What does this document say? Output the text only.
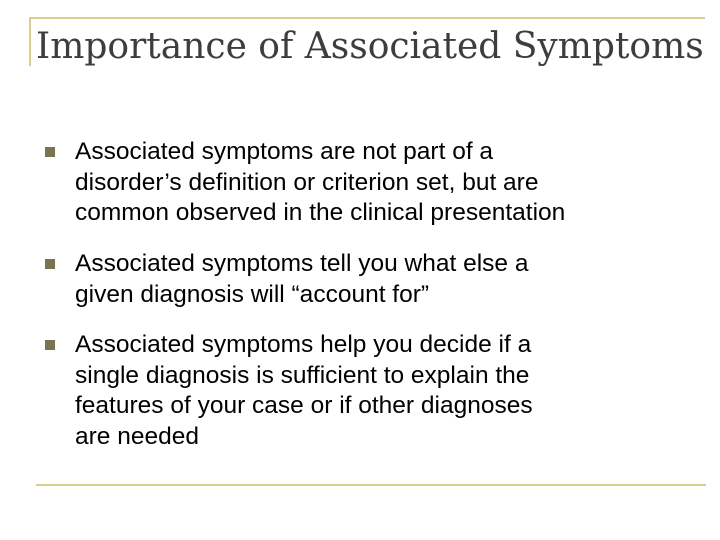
Importance of Associated Symptoms
Associated symptoms are not part of a
disorder’s definition or criterion set, but are
common observed in the clinical presentation
Associated symptoms tell you what else a
given diagnosis will “account for”
Associated symptoms help you decide if a
single diagnosis is sufficient to explain the
features of your case or if other diagnoses
are needed
